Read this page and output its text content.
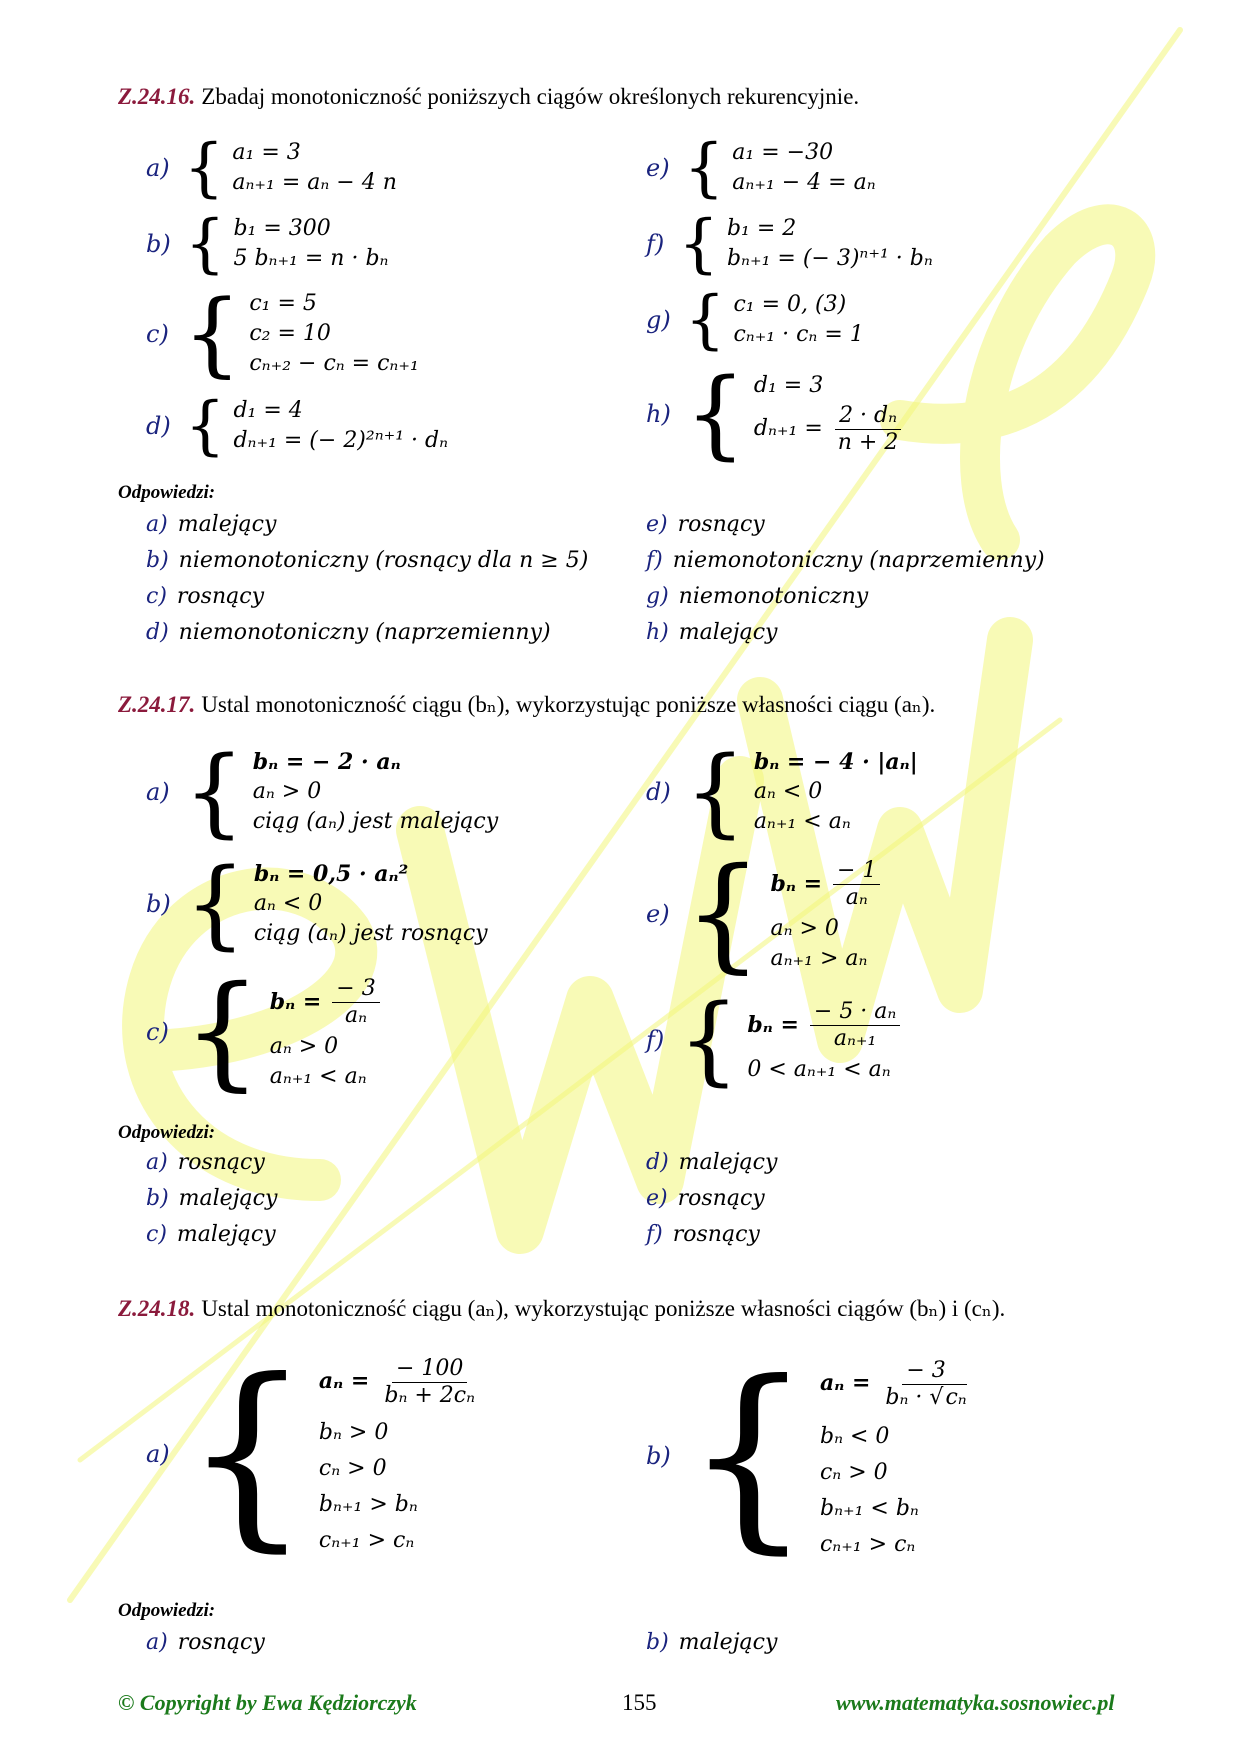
Z.24.16. Zbadaj monotoniczność poniższych ciągów określonych rekurencyjnie.
a) { a₁ = 3
aₙ₊₁ = aₙ − 4 n
b) { b₁ = 300
5 bₙ₊₁ = n · bₙ
c) { c₁ = 5
c₂ = 10
cₙ₊₂ − cₙ = cₙ₊₁
d) { d₁ = 4
dₙ₊₁ = (− 2)²ⁿ⁺¹ · dₙ
e) { a₁ = −30
aₙ₊₁ − 4 = aₙ
f) { b₁ = 2
bₙ₊₁ = (− 3)ⁿ⁺¹ · bₙ
g) { c₁ = 0, (3)
cₙ₊₁ · cₙ = 1
h) { d₁ = 3
$d_{n+1} = \frac{\text{2 · dₙ}}{n + 2}$
Odpowiedzi:
a) malejący
b) niemonotoniczny (rosnący dla n ≥ 5)
c) rosnący
d) niemonotoniczny (naprzemienny)
e) rosnący
f) niemonotoniczny (naprzemienny)
g) niemonotoniczny
h) malejący
Z.24.17. Ustal monotoniczność ciągu (bₙ), wykorzystując poniższe własności ciągu (aₙ).
a) { bₙ = − 2 · aₙ
aₙ > 0
ciąg (aₙ) jest malejący
b) { bₙ = 0,5 · aₙ²
aₙ < 0
ciąg (aₙ) jest rosnący
c) { $b_n = \frac{- 3}{\text{aₙ}}$
aₙ > 0
aₙ₊₁ < aₙ
d) { bₙ = − 4 · |aₙ|
aₙ < 0
aₙ₊₁ < aₙ
e) { $b_n = \frac{- 1}{\text{aₙ}}$
aₙ > 0
aₙ₊₁ > aₙ
f) { $b_n = \frac{\text{− 5 · aₙ}}{\text{aₙ₊₁}}$
0 < aₙ₊₁ < aₙ
Odpowiedzi:
a) rosnący
b) malejący
c) malejący
d) malejący
e) rosnący
f) rosnący
Z.24.18. Ustal monotoniczność ciągu (aₙ), wykorzystując poniższe własności ciągów (bₙ) i (cₙ).
a) { $a_n = \frac{- 100}{\text{bₙ + 2cₙ}}$
bₙ > 0
cₙ > 0
bₙ₊₁ > bₙ
cₙ₊₁ > cₙ
b) { $a_n = \frac{- 3}{\text{bₙ · √cₙ}}$
bₙ < 0
cₙ > 0
bₙ₊₁ < bₙ
cₙ₊₁ > cₙ
Odpowiedzi:
a) rosnący	b) malejący
© Copyright by Ewa Kędziorczyk	155	www.matematyka.sosnowiec.pl
